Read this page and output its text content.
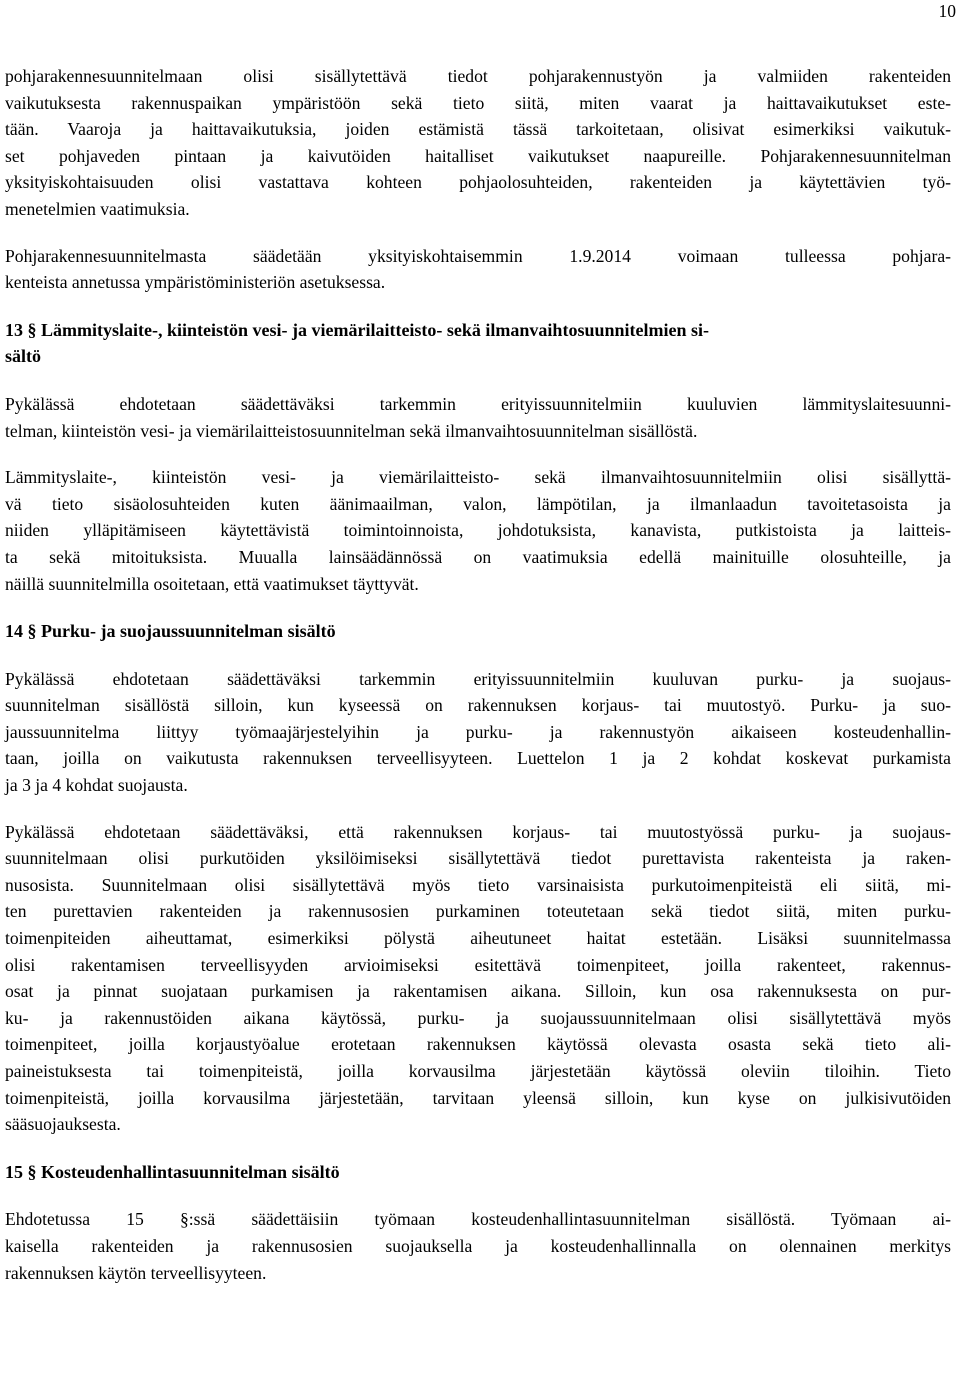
10
pohjarakennesuunnitelmaan olisi sisällytettävä tiedot pohjarakennustyön ja valmiiden rakenteiden
vaikutuksesta rakennuspaikan ympäristöön sekä tieto siitä, miten vaarat ja haittavaikutukset este-
tään. Vaaroja ja haittavaikutuksia, joiden estämistä tässä tarkoitetaan, olisivat esimerkiksi vaikutuk-
set pohjaveden pintaan ja kaivutöiden haitalliset vaikutukset naapureille. Pohjarakennesuunnitelman
yksityiskohtaisuuden olisi vastattava kohteen pohjaolosuhteiden, rakenteiden ja käytettävien työ-
menetelmien vaatimuksia.
Pohjarakennesuunnitelmasta säädetään yksityiskohtaisemmin 1.9.2014 voimaan tulleessa pohjara-
kenteista annetussa ympäristöministeriön asetuksessa.
13 § Lämmityslaite-, kiinteistön vesi- ja viemärilaitteisto- sekä ilmanvaihtosuunnitelmien si-
sältö
Pykälässä ehdotetaan säädettäväksi tarkemmin erityissuunnitelmiin kuuluvien lämmityslaitesuunni-
telman, kiinteistön vesi- ja viemärilaitteistosuunnitelman sekä ilmanvaihtosuunnitelman sisällöstä.
Lämmityslaite-, kiinteistön vesi- ja viemärilaitteisto- sekä ilmanvaihtosuunnitelmiin olisi sisällyttä-
vä tieto sisäolosuhteiden kuten äänimaailman, valon, lämpötilan, ja ilmanlaadun tavoitetasoista ja
niiden ylläpitämiseen käytettävistä toimintoinnoista, johdotuksista, kanavista, putkistoista ja laitteis-
ta sekä mitoituksista. Muualla lainsäädännössä on vaatimuksia edellä mainituille olosuhteille, ja
näillä suunnitelmilla osoitetaan, että vaatimukset täyttyvät.
14 § Purku- ja suojaussuunnitelman sisältö
Pykälässä ehdotetaan säädettäväksi tarkemmin erityissuunnitelmiin kuuluvan purku- ja suojaus-
suunnitelman sisällöstä silloin, kun kyseessä on rakennuksen korjaus- tai muutostyö. Purku- ja suo-
jaussuunnitelma liittyy työmaajärjestelyihin ja purku- ja rakennustyön aikaiseen kosteudenhallin-
taan, joilla on vaikutusta rakennuksen terveellisyyteen. Luettelon 1 ja 2 kohdat koskevat purkamista
ja 3 ja 4 kohdat suojausta.
Pykälässä ehdotetaan säädettäväksi, että rakennuksen korjaus- tai muutostyössä purku- ja suojaus-
suunnitelmaan olisi purkutöiden yksilöimiseksi sisällytettävä tiedot purettavista rakenteista ja raken-
nusosista. Suunnitelmaan olisi sisällytettävä myös tieto varsinaisista purkutoimenpiteistä eli siitä, mi-
ten purettavien rakenteiden ja rakennusosien purkaminen toteutetaan sekä tiedot siitä, miten purku-
toimenpiteiden aiheuttamat, esimerkiksi pölystä aiheutuneet haitat estetään. Lisäksi suunnitelmassa
olisi rakentamisen terveellisyyden arvioimiseksi esitettävä toimenpiteet, joilla rakenteet, rakennus-
osat ja pinnat suojataan purkamisen ja rakentamisen aikana. Silloin, kun osa rakennuksesta on pur-
ku- ja rakennustöiden aikana käytössä, purku- ja suojaussuunnitelmaan olisi sisällytettävä myös
toimenpiteet, joilla korjaustyöalue erotetaan rakennuksen käytössä olevasta osasta sekä tieto ali-
paineistuksesta tai toimenpiteistä, joilla korvausilma järjestetään käytössä oleviin tiloihin. Tieto
toimenpiteistä, joilla korvausilma järjestetään, tarvitaan yleensä silloin, kun kyse on julkisivutöiden
sääsuojauksesta.
15 § Kosteudenhallintasuunnitelman sisältö
Ehdotetussa 15 §:ssä säädettäisiin työmaan kosteudenhallintasuunnitelman sisällöstä. Työmaan ai-
kaisella rakenteiden ja rakennusosien suojauksella ja kosteudenhallinnalla on olennainen merkitys
rakennuksen käytön terveellisyyteen.
